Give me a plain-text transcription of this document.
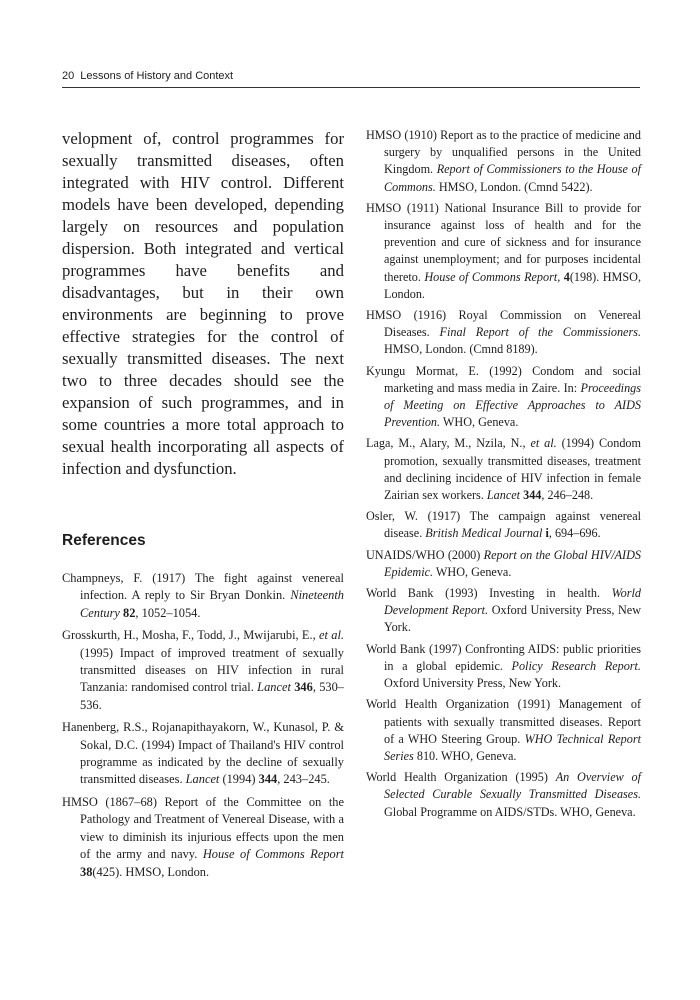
20 Lessons of History and Context

velopment of, control programmes for sexually transmitted diseases, often integrated with HIV control. Different models have been developed, depending largely on resources and population dispersion. Both integrated and vertical programmes have benefits and disadvantages, but in their own environments are beginning to prove effective strategies for the control of sexually transmitted diseases. The next two to three decades should see the expansion of such programmes, and in some countries a more total approach to sexual health incorporating all aspects of infection and dysfunction.

References

Champneys, F. (1917) The fight against venereal infection. A reply to Sir Bryan Donkin. Nineteenth Century 82, 1052–1054.

Grosskurth, H., Mosha, F., Todd, J., Mwijarubi, E., et al. (1995) Impact of improved treatment of sexually transmitted diseases on HIV infection in rural Tanzania: randomised control trial. Lancet 346, 530–536.

Hanenberg, R.S., Rojanapithayakorn, W., Kunasol, P. & Sokal, D.C. (1994) Impact of Thailand's HIV control programme as indicated by the decline of sexually transmitted diseases. Lancet (1994) 344, 243–245.

HMSO (1867–68) Report of the Committee on the Pathology and Treatment of Venereal Disease, with a view to diminish its injurious effects upon the men of the army and navy. House of Commons Report 38(425). HMSO, London.

HMSO (1910) Report as to the practice of medicine and surgery by unqualified persons in the United Kingdom. Report of Commissioners to the House of Commons. HMSO, London. (Cmnd 5422).

HMSO (1911) National Insurance Bill to provide for insurance against loss of health and for the prevention and cure of sickness and for insurance against unemployment; and for purposes incidental thereto. House of Commons Report, 4(198). HMSO, London.

HMSO (1916) Royal Commission on Venereal Diseases. Final Report of the Commissioners. HMSO, London. (Cmnd 8189).

Kyungu Mormat, E. (1992) Condom and social marketing and mass media in Zaire. In: Proceedings of Meeting on Effective Approaches to AIDS Prevention. WHO, Geneva.

Laga, M., Alary, M., Nzila, N., et al. (1994) Condom promotion, sexually transmitted diseases, treatment and declining incidence of HIV infection in female Zairian sex workers. Lancet 344, 246–248.

Osler, W. (1917) The campaign against venereal disease. British Medical Journal i, 694–696.

UNAIDS/WHO (2000) Report on the Global HIV/AIDS Epidemic. WHO, Geneva.

World Bank (1993) Investing in health. World Development Report. Oxford University Press, New York.

World Bank (1997) Confronting AIDS: public priorities in a global epidemic. Policy Research Report. Oxford University Press, New York.

World Health Organization (1991) Management of patients with sexually transmitted diseases. Report of a WHO Steering Group. WHO Technical Report Series 810. WHO, Geneva.

World Health Organization (1995) An Overview of Selected Curable Sexually Transmitted Diseases. Global Programme on AIDS/STDs. WHO, Geneva.
